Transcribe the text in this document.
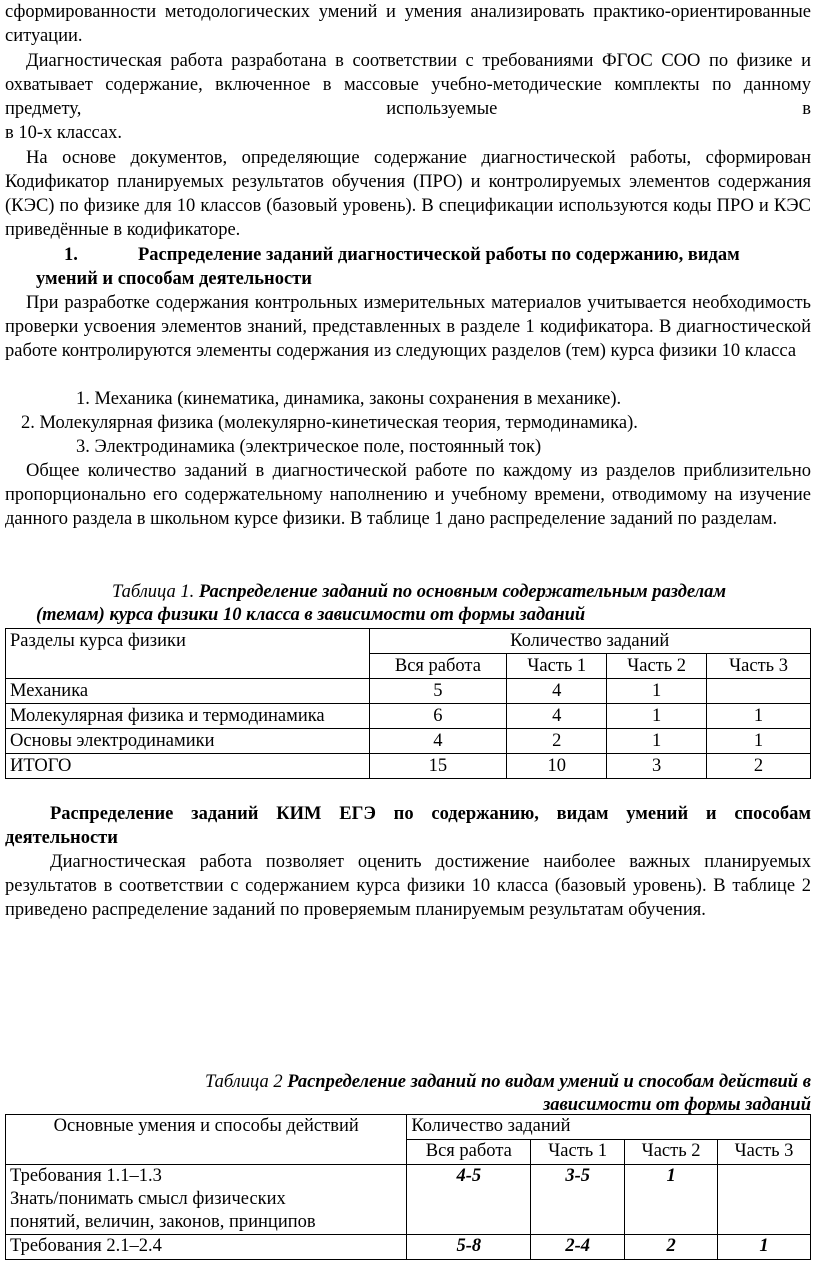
сформированности методологических умений и умения анализировать практико-ориентированные ситуации.

Диагностическая работа разработана в соответствии с требованиями ФГОС СОО по физике и охватывает содержание, включенное в массовые учебно-методические комплекты по данному предмету, используемые в

в 10-х классах.

На основе документов, определяющие содержание диагностической работы, сформирован Кодификатор планируемых результатов обучения (ПРО) и контролируемых элементов содержания (КЭС) по физике для 10 классов (базовый уровень). В спецификации используются коды ПРО и КЭС приведённые в кодификаторе.

1.	Распределение заданий диагностической работы по содержанию, видам

умений и способам деятельности

При разработке содержания контрольных измерительных материалов учитывается необходимость проверки усвоения элементов знаний, представленных в разделе 1 кодификатора. В диагностической работе контролируются элементы содержания из следующих разделов (тем) курса физики 10 класса

1. Механика (кинематика, динамика, законы сохранения в механике).

2. Молекулярная физика (молекулярно-кинетическая теория, термодинамика).

3. Электродинамика (электрическое поле, постоянный ток)

Общее количество заданий в диагностической работе по каждому из разделов приблизительно пропорционально его содержательному наполнению и учебному времени, отводимому на изучение данного раздела в школьном курсе физики. В таблице 1 дано распределение заданий по разделам.

Таблица 1. Распределение заданий по основным содержательным разделам

(темам) курса физики 10 класса в зависимости от формы заданий

Разделы курса физики	Количество заданий			
	Вся работа	Часть 1	Часть 2	Часть 3
Механика	5	4	1	
Молекулярная физика и термодинамика	6	4	1	1
Основы электродинамики	4	2	1	1
ИТОГО	15	10	3	2

Распределение заданий КИМ ЕГЭ по содержанию, видам умений и способам

деятельности

Диагностическая работа позволяет оценить достижение наиболее важных планируемых результатов в соответствии с содержанием курса физики 10 класса (базовый уровень). В таблице 2 приведено распределение заданий по проверяемым планируемым результатам обучения.

Таблица 2 Распределение заданий по видам умений и способам действий в

зависимости от формы заданий

Основные умения и способы действий	Количество заданий			
	Вся работа	Часть 1	Часть 2	Часть 3

Требования 1.1–1.3
Знать/понимать смысл физических
понятий, величин, законов, принципов	4-5	3-5	1	

Требования 2.1–2.4	5-8	2-4	2	1
